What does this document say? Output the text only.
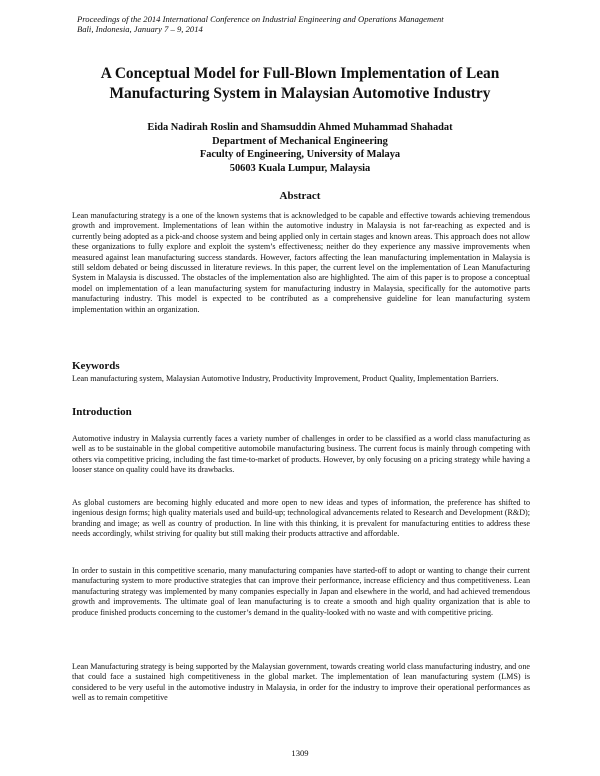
Proceedings of the 2014 International Conference on Industrial Engineering and Operations Management
Bali, Indonesia, January 7 – 9, 2014
A Conceptual Model for Full-Blown Implementation of Lean
Manufacturing System in Malaysian Automotive Industry
Eida Nadirah Roslin and Shamsuddin Ahmed Muhammad Shahadat
Department of Mechanical Engineering
Faculty of Engineering, University of Malaya
50603 Kuala Lumpur, Malaysia
Abstract
Lean manufacturing strategy is a one of the known systems that is acknowledged to be capable and effective towards achieving tremendous growth and improvement. Implementations of lean within the automotive industry in Malaysia is not far-reaching as expected and is currently being adopted as a pick-and choose system and being applied only in certain stages and known areas. This approach does not allow these organizations to fully explore and exploit the system’s effectiveness; neither do they experience any massive improvements when measured against lean manufacturing success standards. However, factors affecting the lean manufacturing implementation in Malaysia is still seldom debated or being discussed in literature reviews. In this paper, the current level on the implementation of Lean Manufacturing System in Malaysia is discussed. The obstacles of the implementation also are highlighted. The aim of this paper is to propose a conceptual model on implementation of a lean manufacturing system for manufacturing industry in Malaysia, specifically for the automotive parts manufacturing industry. This model is expected to be contributed as a comprehensive guideline for lean manufacturing system implementation within an organization.
Keywords
Lean manufacturing system, Malaysian Automotive Industry, Productivity Improvement, Product Quality, Implementation Barriers.
Introduction
Automotive industry in Malaysia currently faces a variety number of challenges in order to be classified as a world class manufacturing as well as to be sustainable in the global competitive automobile manufacturing business. The current focus is mainly through competing with others via competitive pricing, including the fast time-to-market of products. However, by only focusing on a pricing strategy while having a looser stance on quality could have its drawbacks.
As global customers are becoming highly educated and more open to new ideas and types of information, the preference has shifted to ingenious design forms; high quality materials used and build-up; technological advancements related to Research and Development (R&D); branding and image; as well as country of production. In line with this thinking, it is prevalent for manufacturing entities to address these needs accordingly, whilst striving for quality but still making their products attractive and affordable.
In order to sustain in this competitive scenario, many manufacturing companies have started-off to adopt or wanting to change their current manufacturing system to more productive strategies that can improve their performance, increase efficiency and thus competitiveness. Lean manufacturing strategy was implemented by many companies especially in Japan and elsewhere in the world, and had achieved tremendous growth and improvements. The ultimate goal of lean manufacturing is to create a smooth and high quality organization that is able to produce finished products concerning to the customer’s demand in the quality-looked with no waste and with competitive pricing.
Lean Manufacturing strategy is being supported by the Malaysian government, towards creating world class manufacturing industry, and one that could face a sustained high competitiveness in the global market. The implementation of lean manufacturing system (LMS) is considered to be very useful in the automotive industry in Malaysia, in order for the industry to improve their operational performances as well as to remain competitive
1309
